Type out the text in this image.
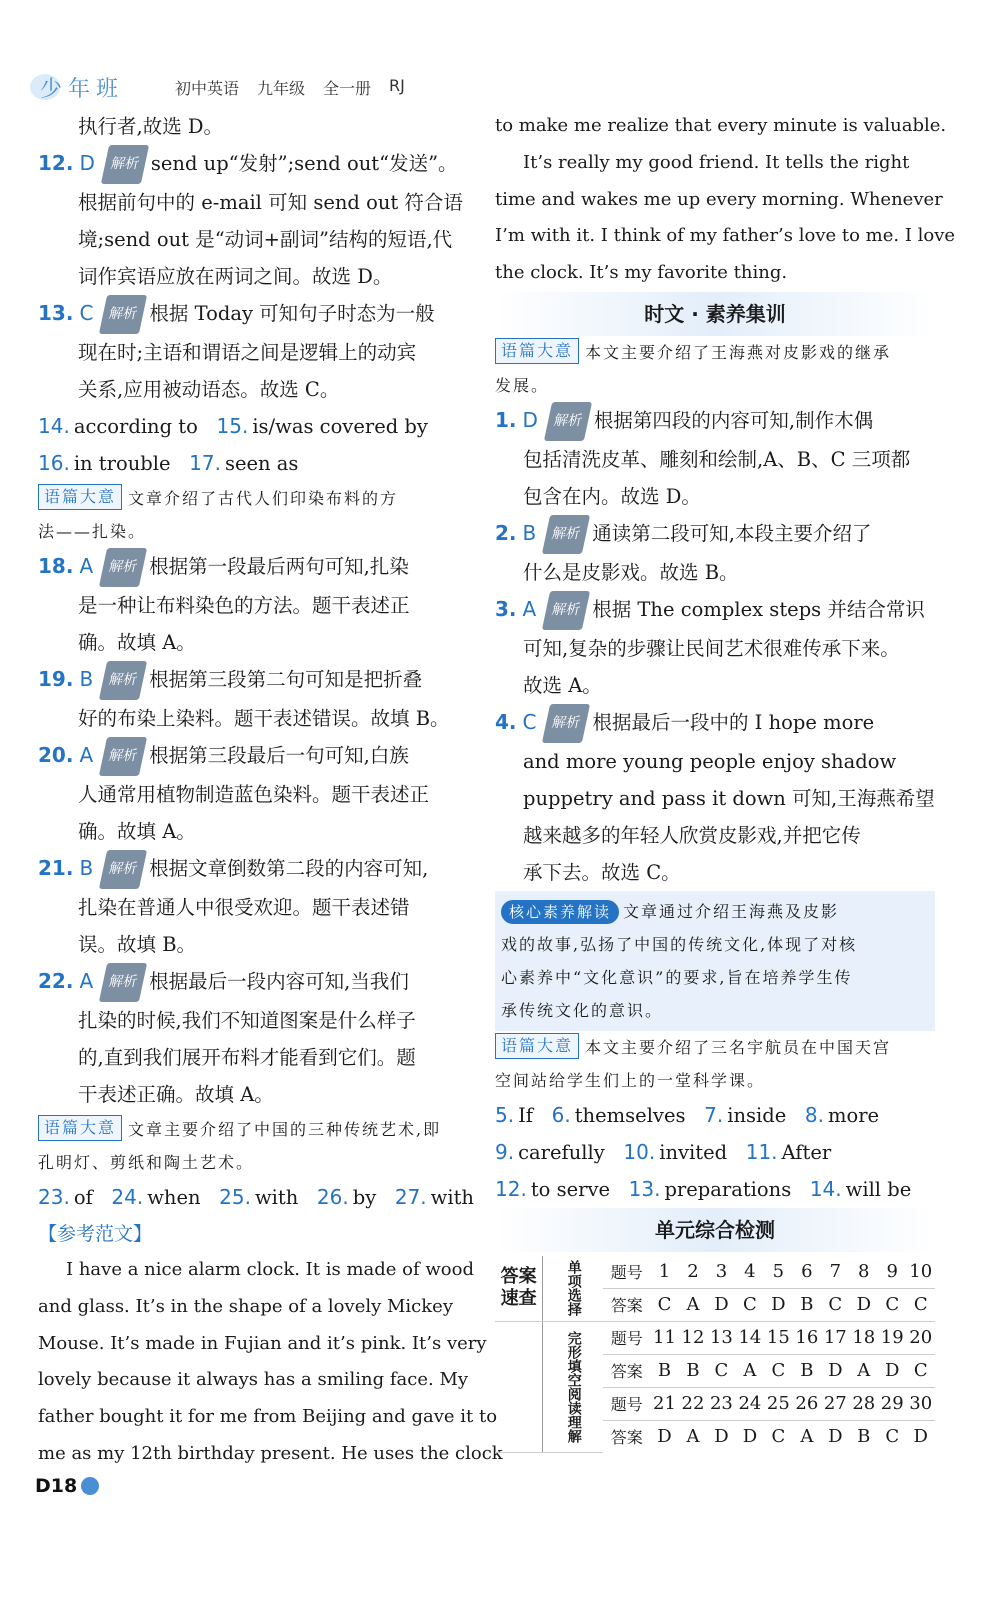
少年班	初中英语 九年级 全一册 RJ
执行者,故选 D。
12. D 解析 send up“发射”;send out“发送”。
根据前句中的 e-mail 可知 send out 符合语
境;send out 是“动词+副词”结构的短语,代
词作宾语应放在两词之间。故选 D。
13. C 解析 根据 Today 可知句子时态为一般
现在时;主语和谓语之间是逻辑上的动宾
关系,应用被动语态。故选 C。
14. according to 15. is/was covered by
16. in trouble 17. seen as
语篇大意 文章介绍了古代人们印染布料的方
法——扎染。
18. A 解析 根据第一段最后两句可知,扎染
是一种让布料染色的方法。题干表述正
确。故填 A。
19. B 解析 根据第三段第二句可知是把折叠
好的布染上染料。题干表述错误。故填 B。
20. A 解析 根据第三段最后一句可知,白族
人通常用植物制造蓝色染料。题干表述正
确。故填 A。
21. B 解析 根据文章倒数第二段的内容可知,
扎染在普通人中很受欢迎。题干表述错
误。故填 B。
22. A 解析 根据最后一段内容可知,当我们
扎染的时候,我们不知道图案是什么样子
的,直到我们展开布料才能看到它们。题
干表述正确。故填 A。
语篇大意 文章主要介绍了中国的三种传统艺术,即
孔明灯、剪纸和陶土艺术。
23. of 24. when 25. with 26. by 27. with
【参考范文】
I have a nice alarm clock. It is made of wood
and glass. It’s in the shape of a lovely Mickey
Mouse. It’s made in Fujian and it’s pink. It’s very
lovely because it always has a smiling face. My
father bought it for me from Beijing and gave it to
me as my 12th birthday present. He uses the clock
to make me realize that every minute is valuable.
It’s really my good friend. It tells the right
time and wakes me up every morning. Whenever
I’m with it. I think of my father’s love to me. I love
the clock. It’s my favorite thing.
时文 · 素养集训
语篇大意 本文主要介绍了王海燕对皮影戏的继承
发展。
1. D 解析 根据第四段的内容可知,制作木偶
包括清洗皮革、雕刻和绘制,A、B、C 三项都
包含在内。故选 D。
2. B 解析 通读第二段可知,本段主要介绍了
什么是皮影戏。故选 B。
3. A 解析 根据 The complex steps 并结合常识
可知,复杂的步骤让民间艺术很难传承下来。
故选 A。
4. C 解析 根据最后一段中的 I hope more
and more young people enjoy shadow
puppetry and pass it down 可知,王海燕希望
越来越多的年轻人欣赏皮影戏,并把它传
承下去。故选 C。
核心素养解读 文章通过介绍王海燕及皮影
戏的故事,弘扬了中国的传统文化,体现了对核
心素养中“文化意识”的要求,旨在培养学生传
承传统文化的意识。
语篇大意 本文主要介绍了三名宇航员在中国天宫
空间站给学生们上的一堂科学课。
5. If 6. themselves 7. inside 8. more
9. carefully 10. invited 11. After
12. to serve 13. preparations 14. will be
单元综合检测
答案速查	单项选择	题号	1	2	3	4	5	6	7	8	9	10
		答案	C	A	D	C	D	B	C	D	C	C
	完形填空阅读理解	题号	11	12	13	14	15	16	17	18	19	20
		答案	B	B	C	A	C	B	D	A	D	C
		题号	21	22	23	24	25	26	27	28	29	30
		答案	D	A	D	D	C	A	D	B	C	D
D18
